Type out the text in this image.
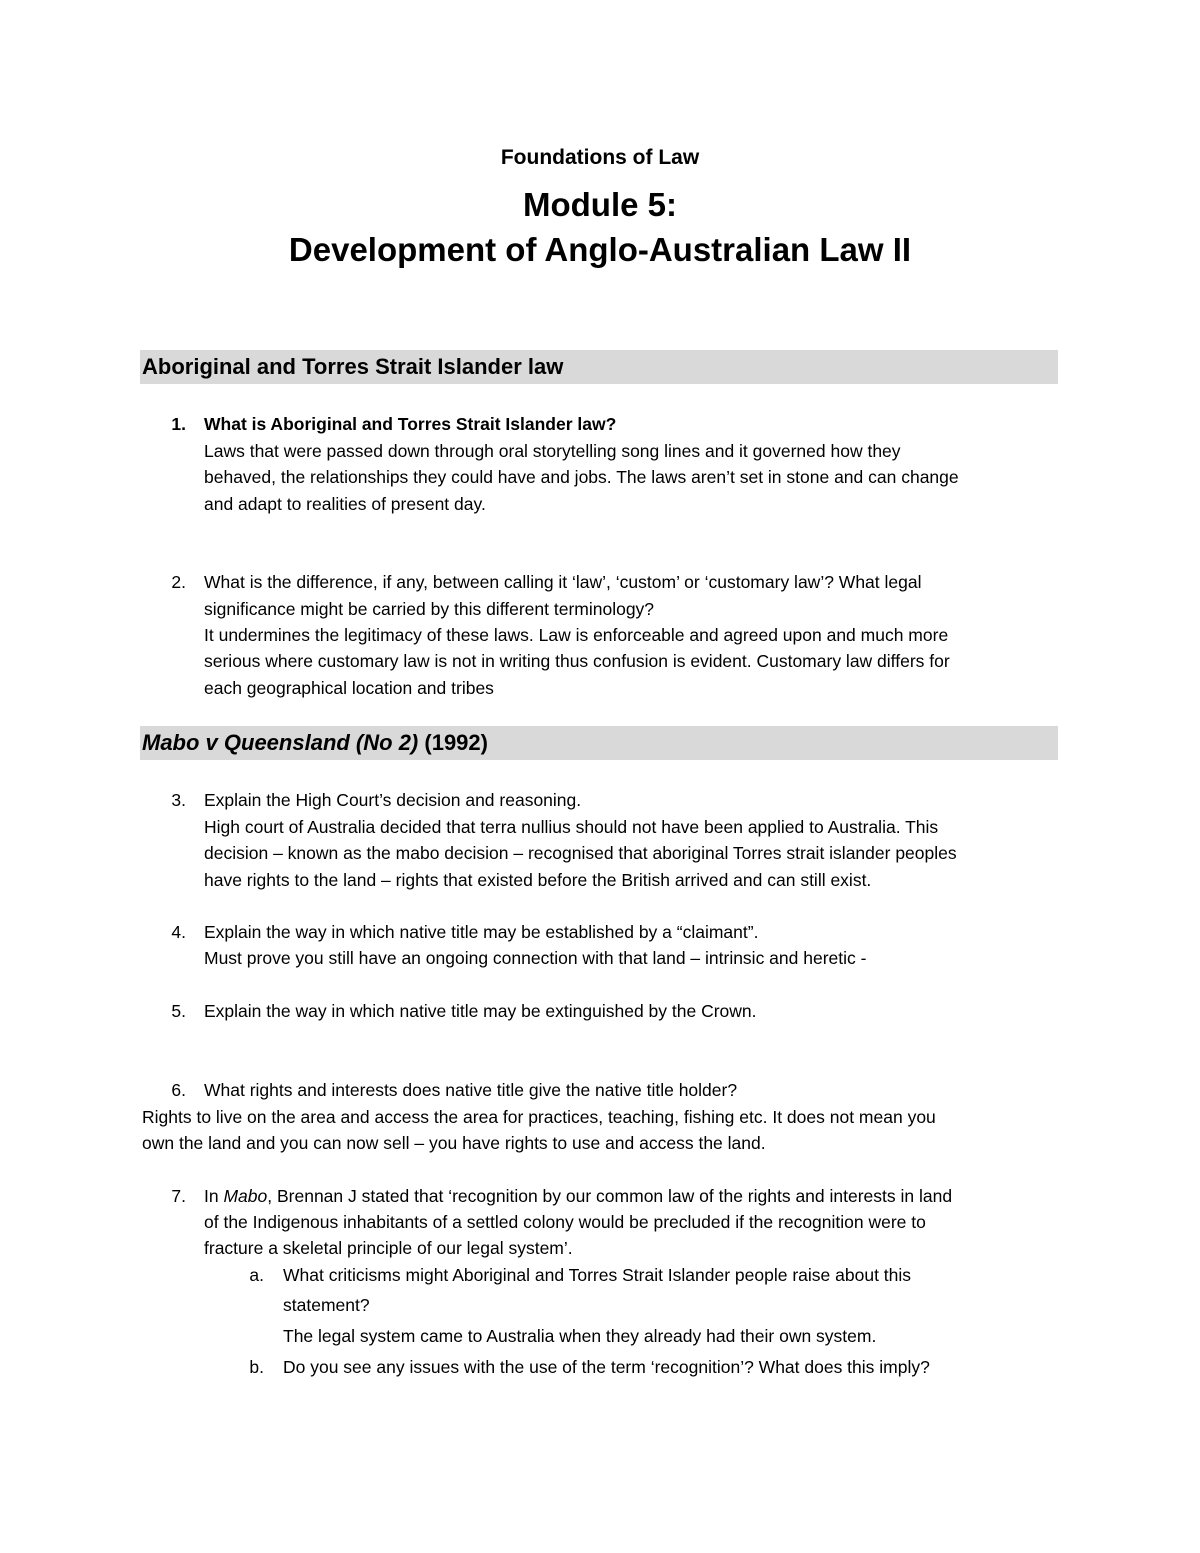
Foundations of Law
Module 5:
Development of Anglo-Australian Law II
Aboriginal and Torres Strait Islander law
1. What is Aboriginal and Torres Strait Islander law?
Laws that were passed down through oral storytelling song lines and it governed how they
behaved, the relationships they could have and jobs. The laws aren’t set in stone and can change
and adapt to realities of present day.
2. What is the difference, if any, between calling it ‘law’, ‘custom’ or ‘customary law’? What legal
significance might be carried by this different terminology?
It undermines the legitimacy of these laws. Law is enforceable and agreed upon and much more
serious where customary law is not in writing thus confusion is evident. Customary law differs for
each geographical location and tribes
Mabo v Queensland (No 2) (1992)
3. Explain the High Court’s decision and reasoning.
High court of Australia decided that terra nullius should not have been applied to Australia. This
decision – known as the mabo decision – recognised that aboriginal Torres strait islander peoples
have rights to the land – rights that existed before the British arrived and can still exist.
4. Explain the way in which native title may be established by a “claimant”.
Must prove you still have an ongoing connection with that land – intrinsic and heretic -
5. Explain the way in which native title may be extinguished by the Crown.
6. What rights and interests does native title give the native title holder?
Rights to live on the area and access the area for practices, teaching, fishing etc. It does not mean you
own the land and you can now sell – you have rights to use and access the land.
7. In Mabo, Brennan J stated that ‘recognition by our common law of the rights and interests in land
of the Indigenous inhabitants of a settled colony would be precluded if the recognition were to
fracture a skeletal principle of our legal system’.
a. What criticisms might Aboriginal and Torres Strait Islander people raise about this
statement?
The legal system came to Australia when they already had their own system.
b. Do you see any issues with the use of the term ‘recognition’? What does this imply?
